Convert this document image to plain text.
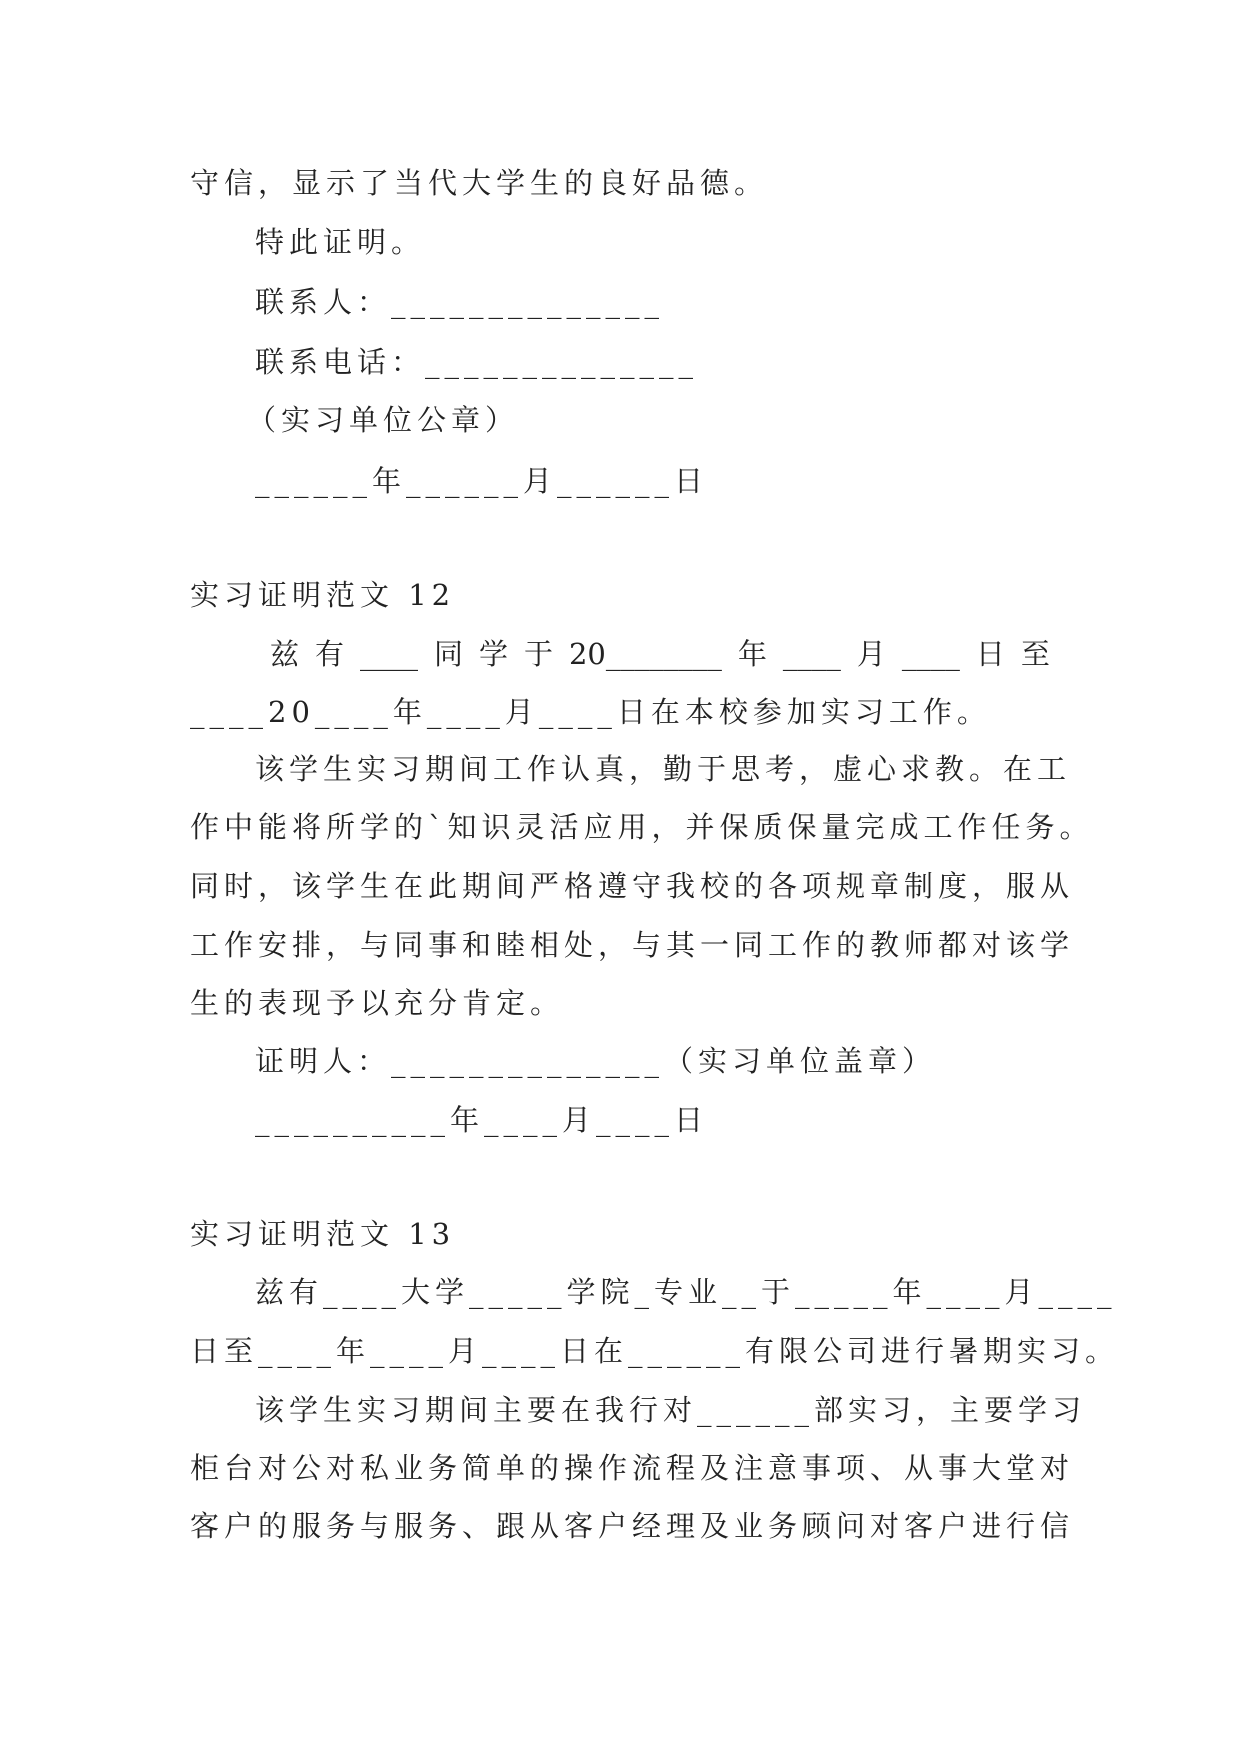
守信，显示了当代大学生的良好品德。
特此证明。
联系人：______________
联系电话：______________
（实习单位公章）
______年______月______日
实习证明范文 12
兹 有 ____ 同 学 于 20________ 年 ____ 月 ____ 日 至
____20____年____月____日在本校参加实习工作。
该学生实习期间工作认真，勤于思考，虚心求教。在工
作中能将所学的`知识灵活应用，并保质保量完成工作任务。
同时，该学生在此期间严格遵守我校的各项规章制度，服从
工作安排，与同事和睦相处，与其一同工作的教师都对该学
生的表现予以充分肯定。
证明人：______________（实习单位盖章）
__________年____月____日
实习证明范文 13
兹有____大学_____学院_专业__于_____年____月____
日至____年____月____日在______有限公司进行暑期实习。
该学生实习期间主要在我行对______部实习，主要学习
柜台对公对私业务简单的操作流程及注意事项、从事大堂对
客户的服务与服务、跟从客户经理及业务顾问对客户进行信
